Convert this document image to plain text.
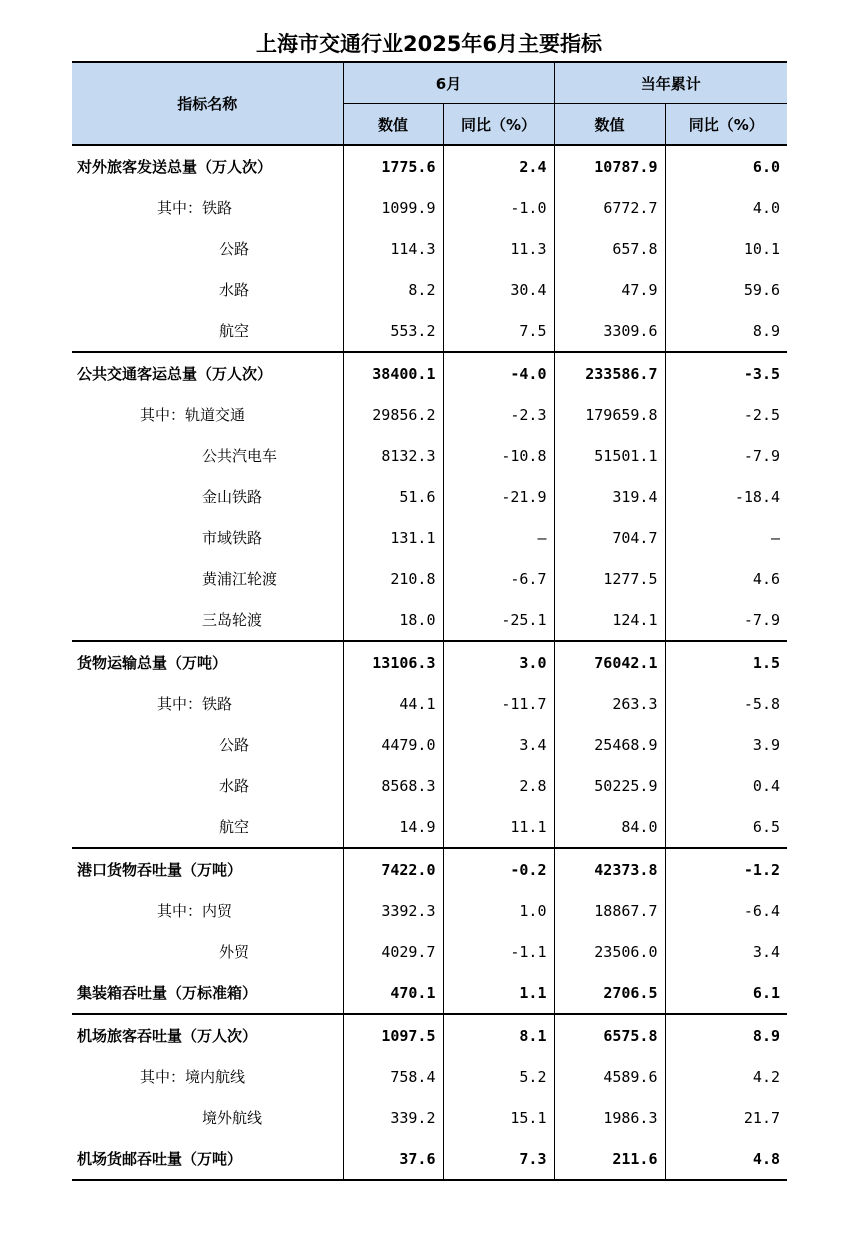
上海市交通行业2025年6月主要指标
指标名称	6月		当年累计	
	数值	同比（%）	数值	同比（%）
对外旅客发送总量（万人次）	1775.6	2.4	10787.9	6.0
其中：铁路	1099.9	-1.0	6772.7	4.0
公路	114.3	11.3	657.8	10.1
水路	8.2	30.4	47.9	59.6
航空	553.2	7.5	3309.6	8.9
公共交通客运总量（万人次）	38400.1	-4.0	233586.7	-3.5
其中：轨道交通	29856.2	-2.3	179659.8	-2.5
公共汽电车	8132.3	-10.8	51501.1	-7.9
金山铁路	51.6	-21.9	319.4	-18.4
市域铁路	131.1	—	704.7	—
黄浦江轮渡	210.8	-6.7	1277.5	4.6
三岛轮渡	18.0	-25.1	124.1	-7.9
货物运输总量（万吨）	13106.3	3.0	76042.1	1.5
其中：铁路	44.1	-11.7	263.3	-5.8
公路	4479.0	3.4	25468.9	3.9
水路	8568.3	2.8	50225.9	0.4
航空	14.9	11.1	84.0	6.5
港口货物吞吐量（万吨）	7422.0	-0.2	42373.8	-1.2
其中：内贸	3392.3	1.0	18867.7	-6.4
外贸	4029.7	-1.1	23506.0	3.4
集装箱吞吐量（万标准箱）	470.1	1.1	2706.5	6.1
机场旅客吞吐量（万人次）	1097.5	8.1	6575.8	8.9
其中：境内航线	758.4	5.2	4589.6	4.2
境外航线	339.2	15.1	1986.3	21.7
机场货邮吞吐量（万吨）	37.6	7.3	211.6	4.8
